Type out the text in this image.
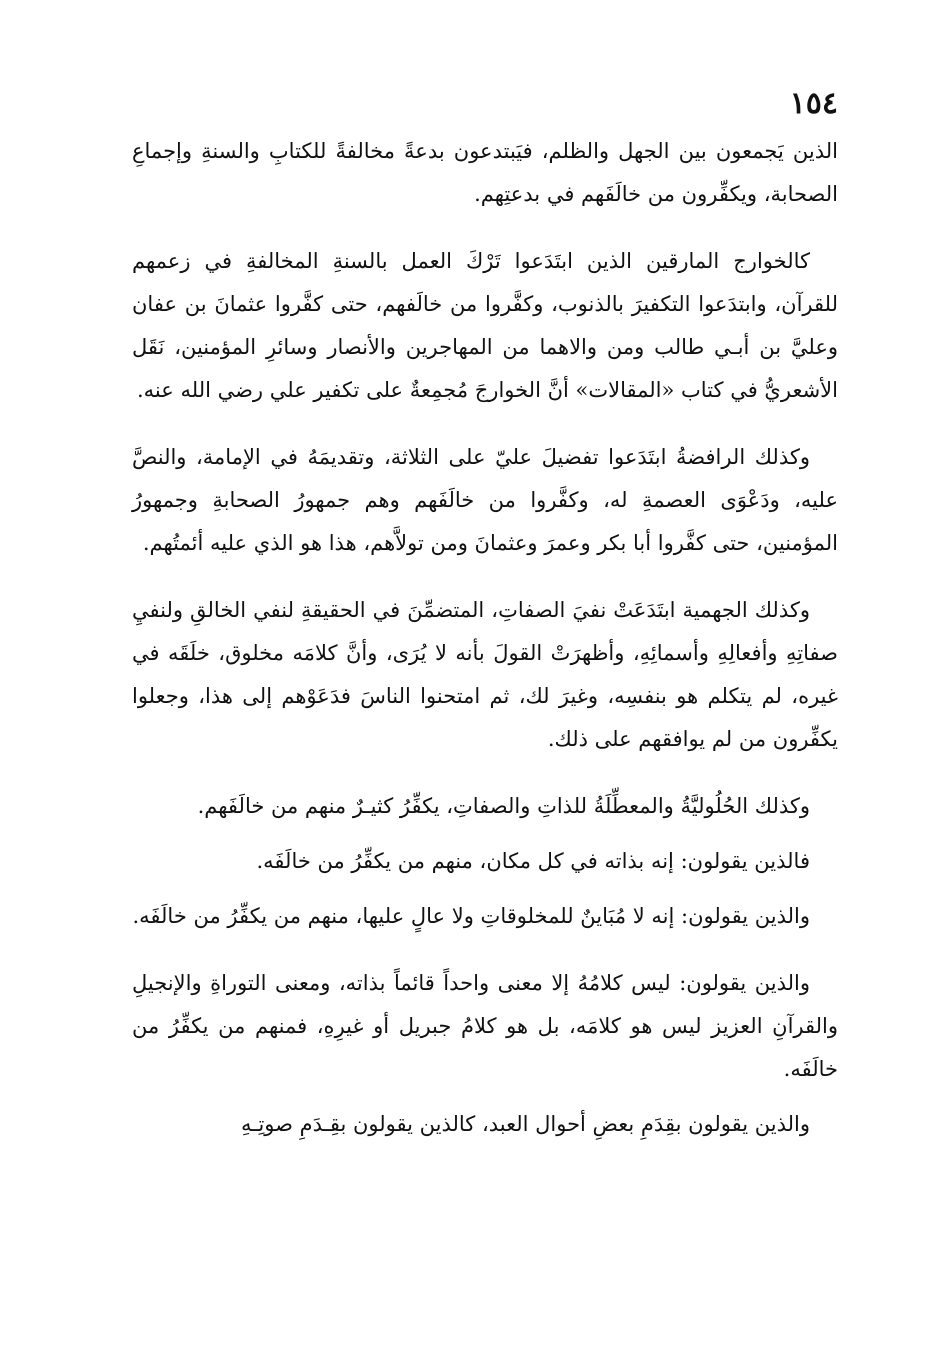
١٥٤

الذين يَجمعون بين الجهل والظلم، فيَبتدعون بدعةً مخالفةً للكتابِ والسنةِ وإجماعِ الصحابة، ويكفِّرون من خالَفَهم في بدعتِهم.

كالخوارج المارقين الذين ابتَدَعوا تَرْكَ العمل بالسنةِ المخالفةِ في زعمهم للقرآن، وابتدَعوا التكفيرَ بالذنوب، وكفَّروا من خالَفهم، حتى كفَّروا عثمانَ بن عفان وعليَّ بن أبـي طالب ومن والاهما من المهاجرين والأنصار وسائرِ المؤمنين، نَقَل الأشعريُّ في كتاب «المقالات» أنَّ الخوارجَ مُجمِعةٌ على تكفير علي رضي الله عنه.

وكذلك الرافضةُ ابتَدَعوا تفضيلَ عليّ على الثلاثة، وتقديمَهُ في الإمامة، والنصَّ عليه، ودَعْوَى العصمةِ له، وكفَّروا من خالَفَهم وهم جمهورُ الصحابةِ وجمهورُ المؤمنين، حتى كفَّروا أبا بكر وعمرَ وعثمانَ ومن تولاَّهم، هذا هو الذي عليه أئمتُهم.

وكذلك الجهمية ابتَدَعَتْ نفيَ الصفاتِ، المتضمِّنَ في الحقيقةِ لنفي الخالقِ ولنفيِ صفاتِهِ وأفعالِهِ وأسمائِهِ، وأظهرَتْ القولَ بأنه لا يُرَى، وأنَّ كلامَه مخلوق، خلَقَه في غيره، لم يتكلم هو بنفسِه، وغيرَ لك، ثم امتحنوا الناسَ فدَعَوْهم إلى هذا، وجعلوا يكفِّرون من لم يوافقهم على ذلك.

وكذلك الحُلُوليَّةُ والمعطِّلَةُ للذاتِ والصفاتِ، يكفِّرُ كثيـرٌ منهم من خالَفَهم.

فالذين يقولون: إنه بذاته في كل مكان، منهم من يكفِّرُ من خالَفَه.

والذين يقولون: إنه لا مُبَاينٌ للمخلوقاتِ ولا عالٍ عليها، منهم من يكفِّرُ من خالَفَه.

والذين يقولون: ليس كلامُهُ إلا معنى واحداً قائماً بذاته، ومعنى التوراةِ والإنجيلِ والقرآنِ العزيز ليس هو كلامَه، بل هو كلامُ جبريل أو غيرِهِ، فمنهم من يكفِّرُ من خالَفَه.

والذين يقولون بقِدَمِ بعضِ أحوال العبد، كالذين يقولون بقِـدَمِ صوتِـهِ
